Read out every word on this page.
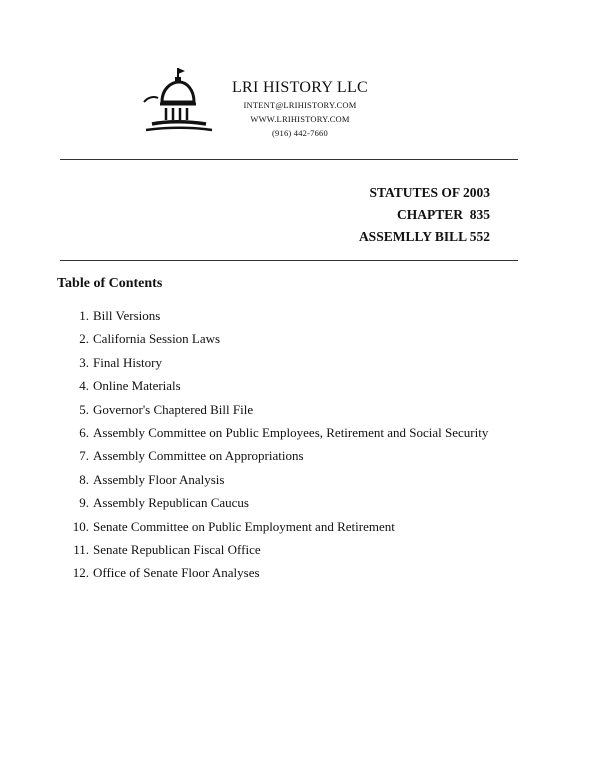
LRI HISTORY LLC
INTENT@LRIHISTORY.COM
WWW.LRIHISTORY.COM
(916) 442-7660
STATUTES OF 2003
CHAPTER  835
ASSEMLLY BILL 552
Table of Contents
1. Bill Versions
2. California Session Laws
3. Final History
4. Online Materials
5. Governor's Chaptered Bill File
6. Assembly Committee on Public Employees, Retirement and Social Security
7. Assembly Committee on Appropriations
8. Assembly Floor Analysis
9. Assembly Republican Caucus
10. Senate Committee on Public Employment and Retirement
11. Senate Republican Fiscal Office
12. Office of Senate Floor Analyses
